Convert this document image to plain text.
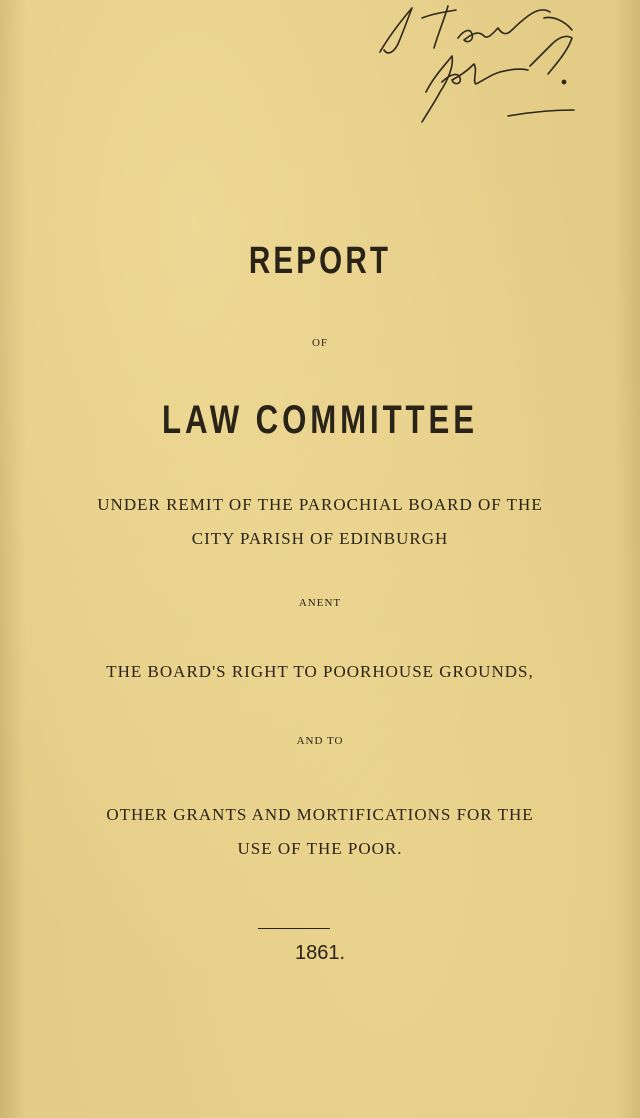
REPORT
OF
LAW COMMITTEE
UNDER REMIT OF THE PAROCHIAL BOARD OF THE
CITY PARISH OF EDINBURGH
ANENT
THE BOARD'S RIGHT TO POORHOUSE GROUNDS,
AND TO
OTHER GRANTS AND MORTIFICATIONS FOR THE
USE OF THE POOR.
1861.
